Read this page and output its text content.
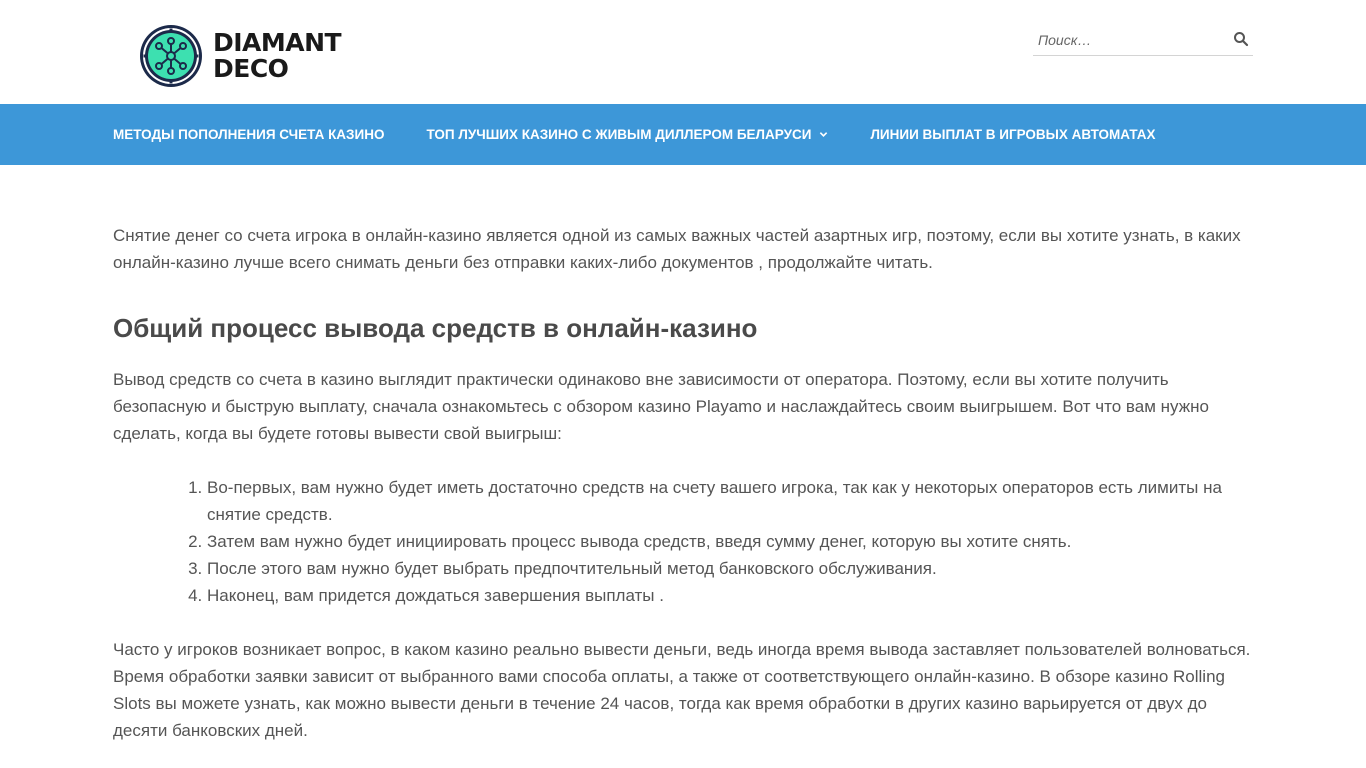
DIAMANT
DECO
Поиск…
МЕТОДЫ ПОПОЛНЕНИЯ СЧЕТА КАЗИНО	ТОП ЛУЧШИХ КАЗИНО С ЖИВЫМ ДИЛЛЕРОМ БЕЛАРУСИ	ЛИНИИ ВЫПЛАТ В ИГРОВЫХ АВТОМАТАХ

Снятие денег со счета игрока в онлайн-казино является одной из самых важных частей азартных игр, поэтому, если вы хотите узнать, в каких онлайн-казино лучше всего снимать деньги без отправки каких-либо документов , продолжайте читать.

Общий процесс вывода средств в онлайн-казино

Вывод средств со счета в казино выглядит практически одинаково вне зависимости от оператора. Поэтому, если вы хотите получить безопасную и быструю выплату, сначала ознакомьтесь с обзором казино Playamo и наслаждайтесь своим выигрышем. Вот что вам нужно сделать, когда вы будете готовы вывести свой выигрыш:

1. Во-первых, вам нужно будет иметь достаточно средств на счету вашего игрока, так как у некоторых операторов есть лимиты на снятие средств.
2. Затем вам нужно будет инициировать процесс вывода средств, введя сумму денег, которую вы хотите снять.
3. После этого вам нужно будет выбрать предпочтительный метод банковского обслуживания.
4. Наконец, вам придется дождаться завершения выплаты .

Часто у игроков возникает вопрос, в каком казино реально вывести деньги, ведь иногда время вывода заставляет пользователей волноваться. Время обработки заявки зависит от выбранного вами способа оплаты, а также от соответствующего онлайн-казино. В обзоре казино Rolling Slots вы можете узнать, как можно вывести деньги в течение 24 часов, тогда как время обработки в других казино варьируется от двух до десяти банковских дней.
